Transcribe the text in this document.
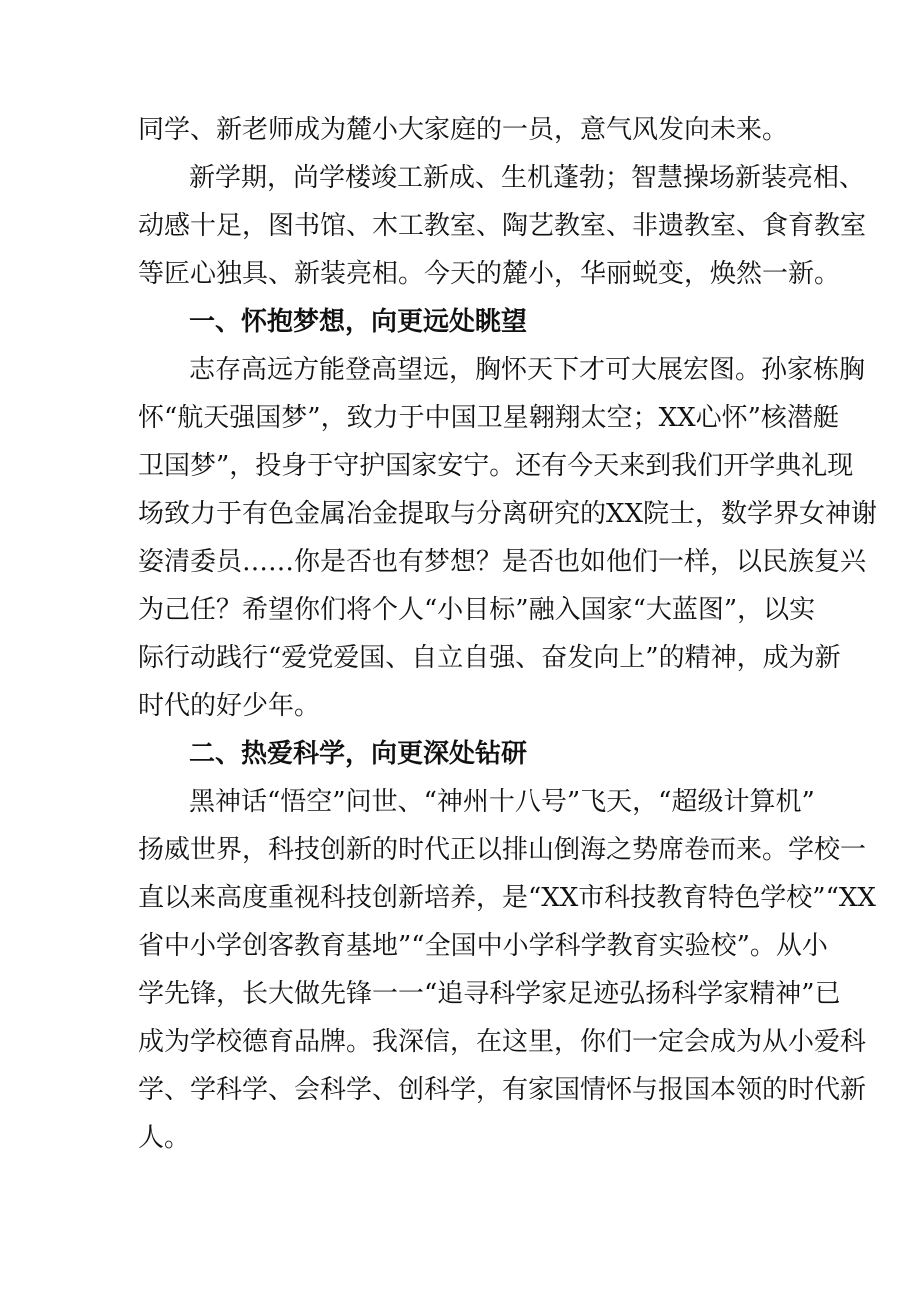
同学、新老师成为麓小大家庭的一员，意气风发向未来。
新学期，尚学楼竣工新成、生机蓬勃；智慧操场新装亮相、
动感十足，图书馆、木工教室、陶艺教室、非遗教室、食育教室
等匠心独具、新装亮相。今天的麓小，华丽蜕变，焕然一新。
一、怀抱梦想，向更远处眺望
志存高远方能登高望远，胸怀天下才可大展宏图。孙家栋胸
怀“航天强国梦”，致力于中国卫星翱翔太空；XX心怀”核潜艇
卫国梦”，投身于守护国家安宁。还有今天来到我们开学典礼现
场致力于有色金属冶金提取与分离研究的XX院士，数学界女神谢
姿清委员……你是否也有梦想？是否也如他们一样，以民族复兴
为己任？希望你们将个人“小目标”融入国家“大蓝图”，以实
际行动践行“爱党爱国、自立自强、奋发向上”的精神，成为新
时代的好少年。
二、热爱科学，向更深处钻研
黑神话“悟空”问世、“神州十八号”飞天，“超级计算机”
扬威世界，科技创新的时代正以排山倒海之势席卷而来。学校一
直以来高度重视科技创新培养，是“XX市科技教育特色学校”“XX
省中小学创客教育基地”“全国中小学科学教育实验校”。从小
学先锋，长大做先锋一一“追寻科学家足迹弘扬科学家精神”已
成为学校德育品牌。我深信，在这里，你们一定会成为从小爱科
学、学科学、会科学、创科学，有家国情怀与报国本领的时代新
人。
